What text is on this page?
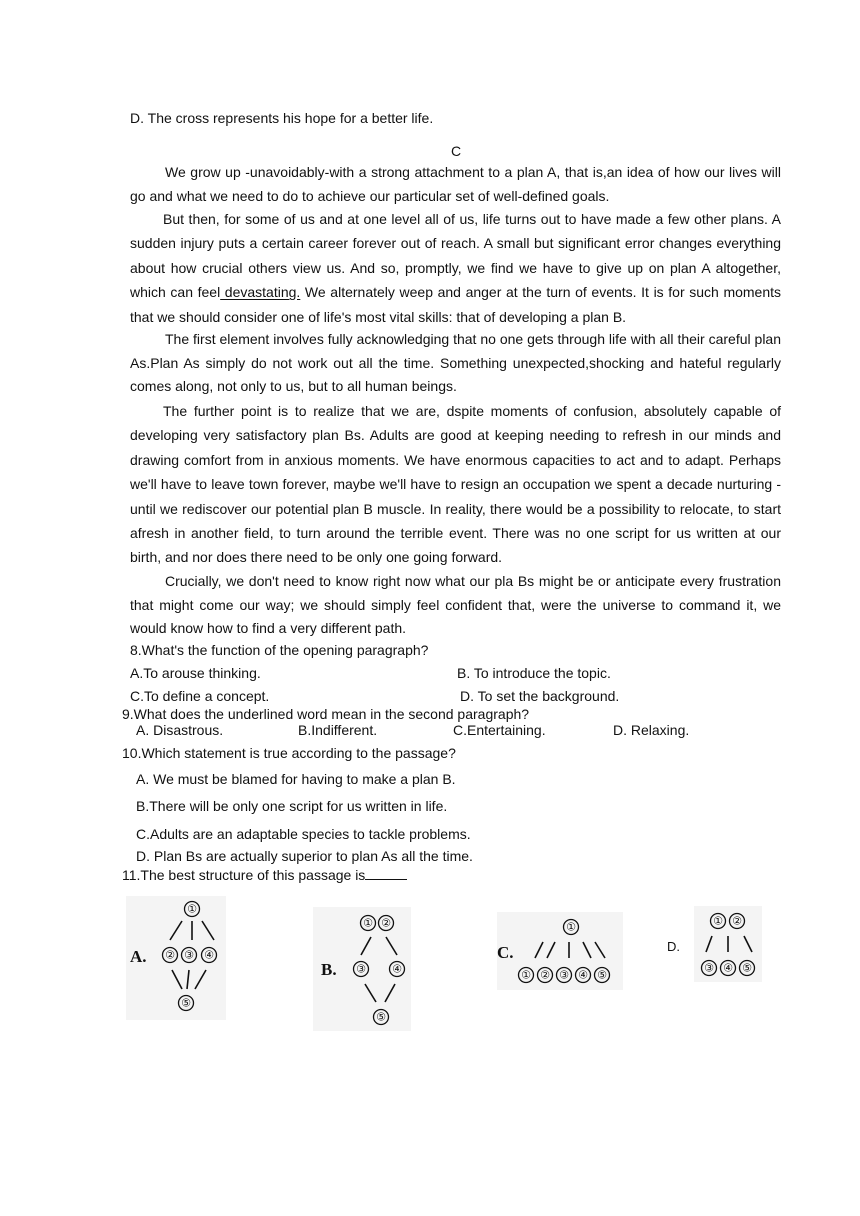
D. The cross represents his hope for a better life.
C
We grow up -unavoidably-with a strong attachment to a plan A, that is,an idea of how our lives will go and what we need to do to achieve our particular set of well-defined goals.
But then, for some of us and at one level all of us, life turns out to have made a few other plans. A sudden injury puts a certain career forever out of reach. A small but significant error changes everything about how crucial others view us. And so, promptly, we find we have to give up on plan A altogether, which can feel devastating. We alternately weep and anger at the turn of events. It is for such moments that we should consider one of life's most vital skills: that of developing a plan B.
The first element involves fully acknowledging that no one gets through life with all their careful plan As.Plan As simply do not work out all the time. Something unexpected,shocking and hateful regularly comes along, not only to us, but to all human beings.
The further point is to realize that we are, dspite moments of confusion, absolutely capable of developing very satisfactory plan Bs. Adults are good at keeping needing to refresh in our minds and drawing comfort from in anxious moments. We have enormous capacities to act and to adapt. Perhaps we'll have to leave town forever, maybe we'll have to resign an occupation we spent a decade nurturing - until we rediscover our potential plan B muscle. In reality, there would be a possibility to relocate, to start afresh in another field, to turn around the terrible event. There was no one script for us written at our birth, and nor does there need to be only one going forward.
Crucially, we don't need to know right now what our pla Bs might be or anticipate every frustration that might come our way; we should simply feel confident that, were the universe to command it, we would know how to find a very different path.
8.What's the function of the opening paragraph?
A.To arouse thinking.	B. To introduce the topic.
C.To define a concept.	D. To set the background.
9.What does the underlined word mean in the second paragraph?
A. Disastrous.	B.Indifferent.	C.Entertaining.	D. Relaxing.
10.Which statement is true according to the passage?
A. We must be blamed for having to make a plan B.
B.There will be only one script for us written in life.
C.Adults are an adaptable species to tackle problems.
D. Plan Bs are actually superior to plan As all the time.
11.The best structure of this passage is
A.
①
② ③ ④
⑤
B.
① ②
③ ④
⑤
C.
①
① ② ③ ④ ⑤
D.
① ②
③ ④ ⑤
